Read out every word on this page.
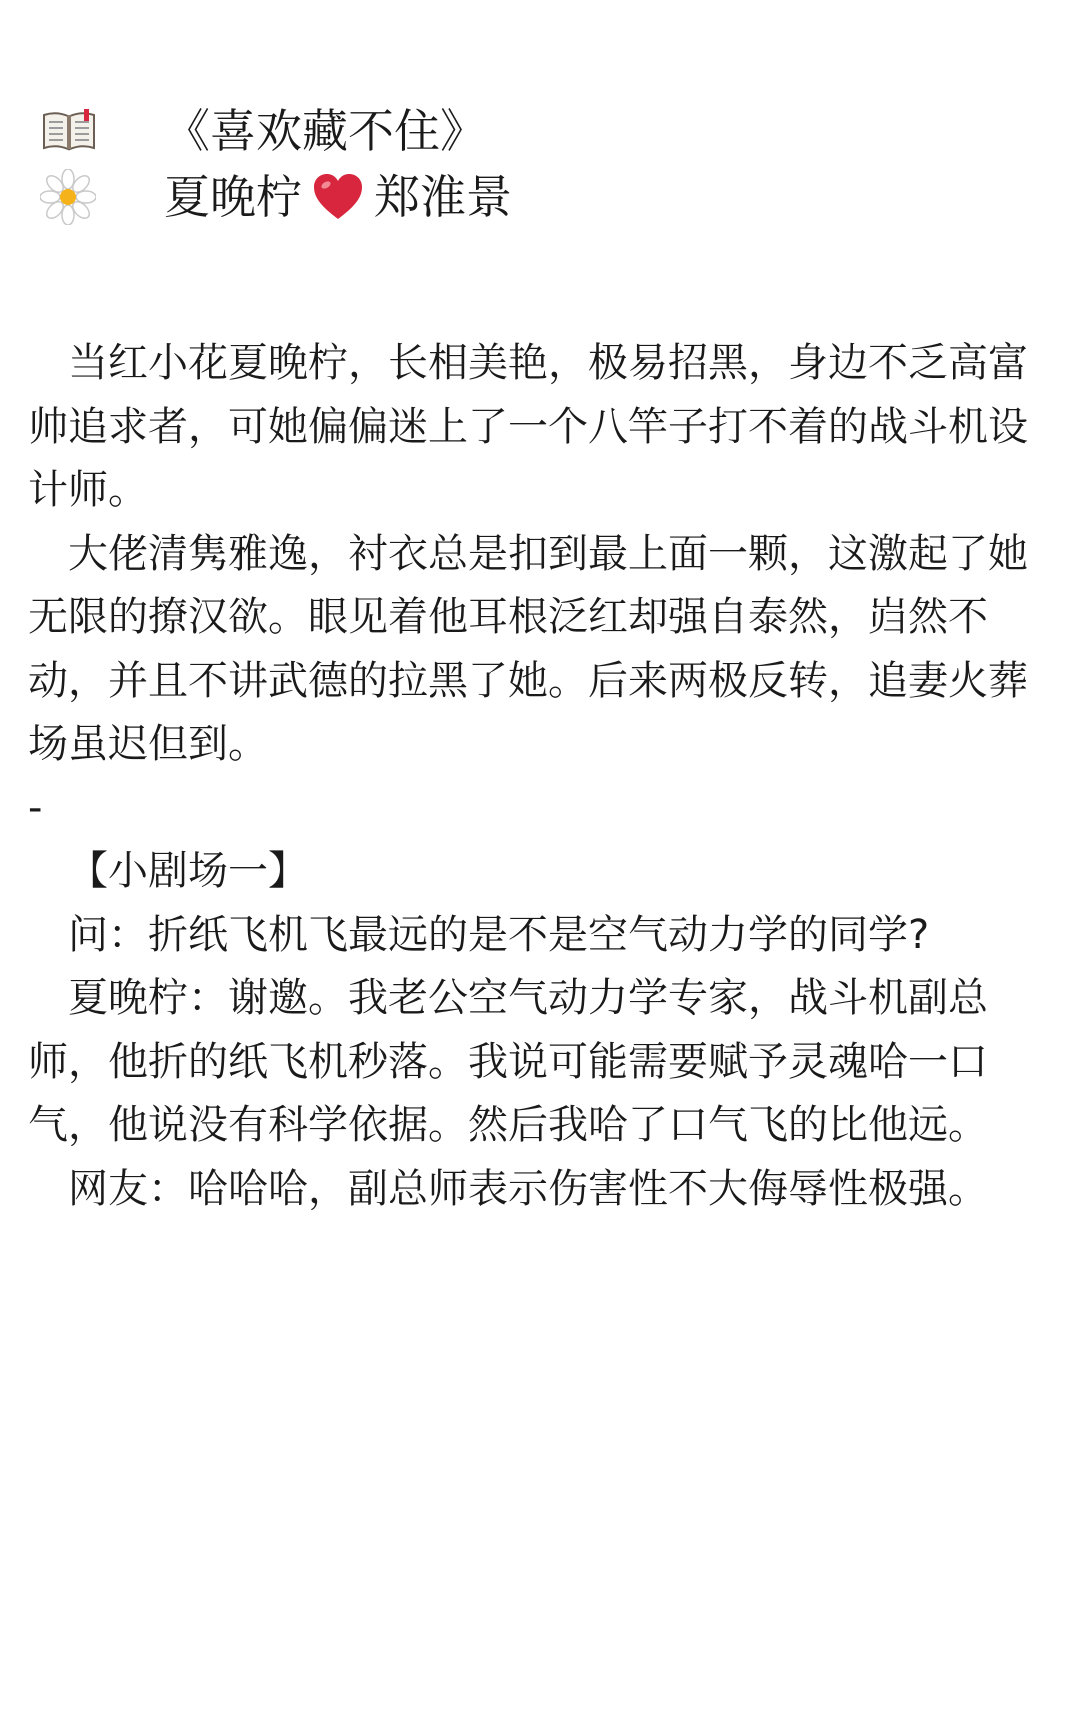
《喜欢藏不住》
夏晚柠 郑淮景

当红小花夏晚柠，长相美艳，极易招黑，身边不乏高富帅追求者，可她偏偏迷上了一个八竿子打不着的战斗机设计师。

大佬清隽雅逸，衬衣总是扣到最上面一颗，这激起了她无限的撩汉欲。眼见着他耳根泛红却强自泰然，岿然不动，并且不讲武德的拉黑了她。后来两极反转，追妻火葬场虽迟但到。

-

【小剧场一】

问：折纸飞机飞最远的是不是空气动力学的同学?

夏晚柠：谢邀。我老公空气动力学专家，战斗机副总师，他折的纸飞机秒落。我说可能需要赋予灵魂哈一口气，他说没有科学依据。然后我哈了口气飞的比他远。

网友：哈哈哈，副总师表示伤害性不大侮辱性极强。
